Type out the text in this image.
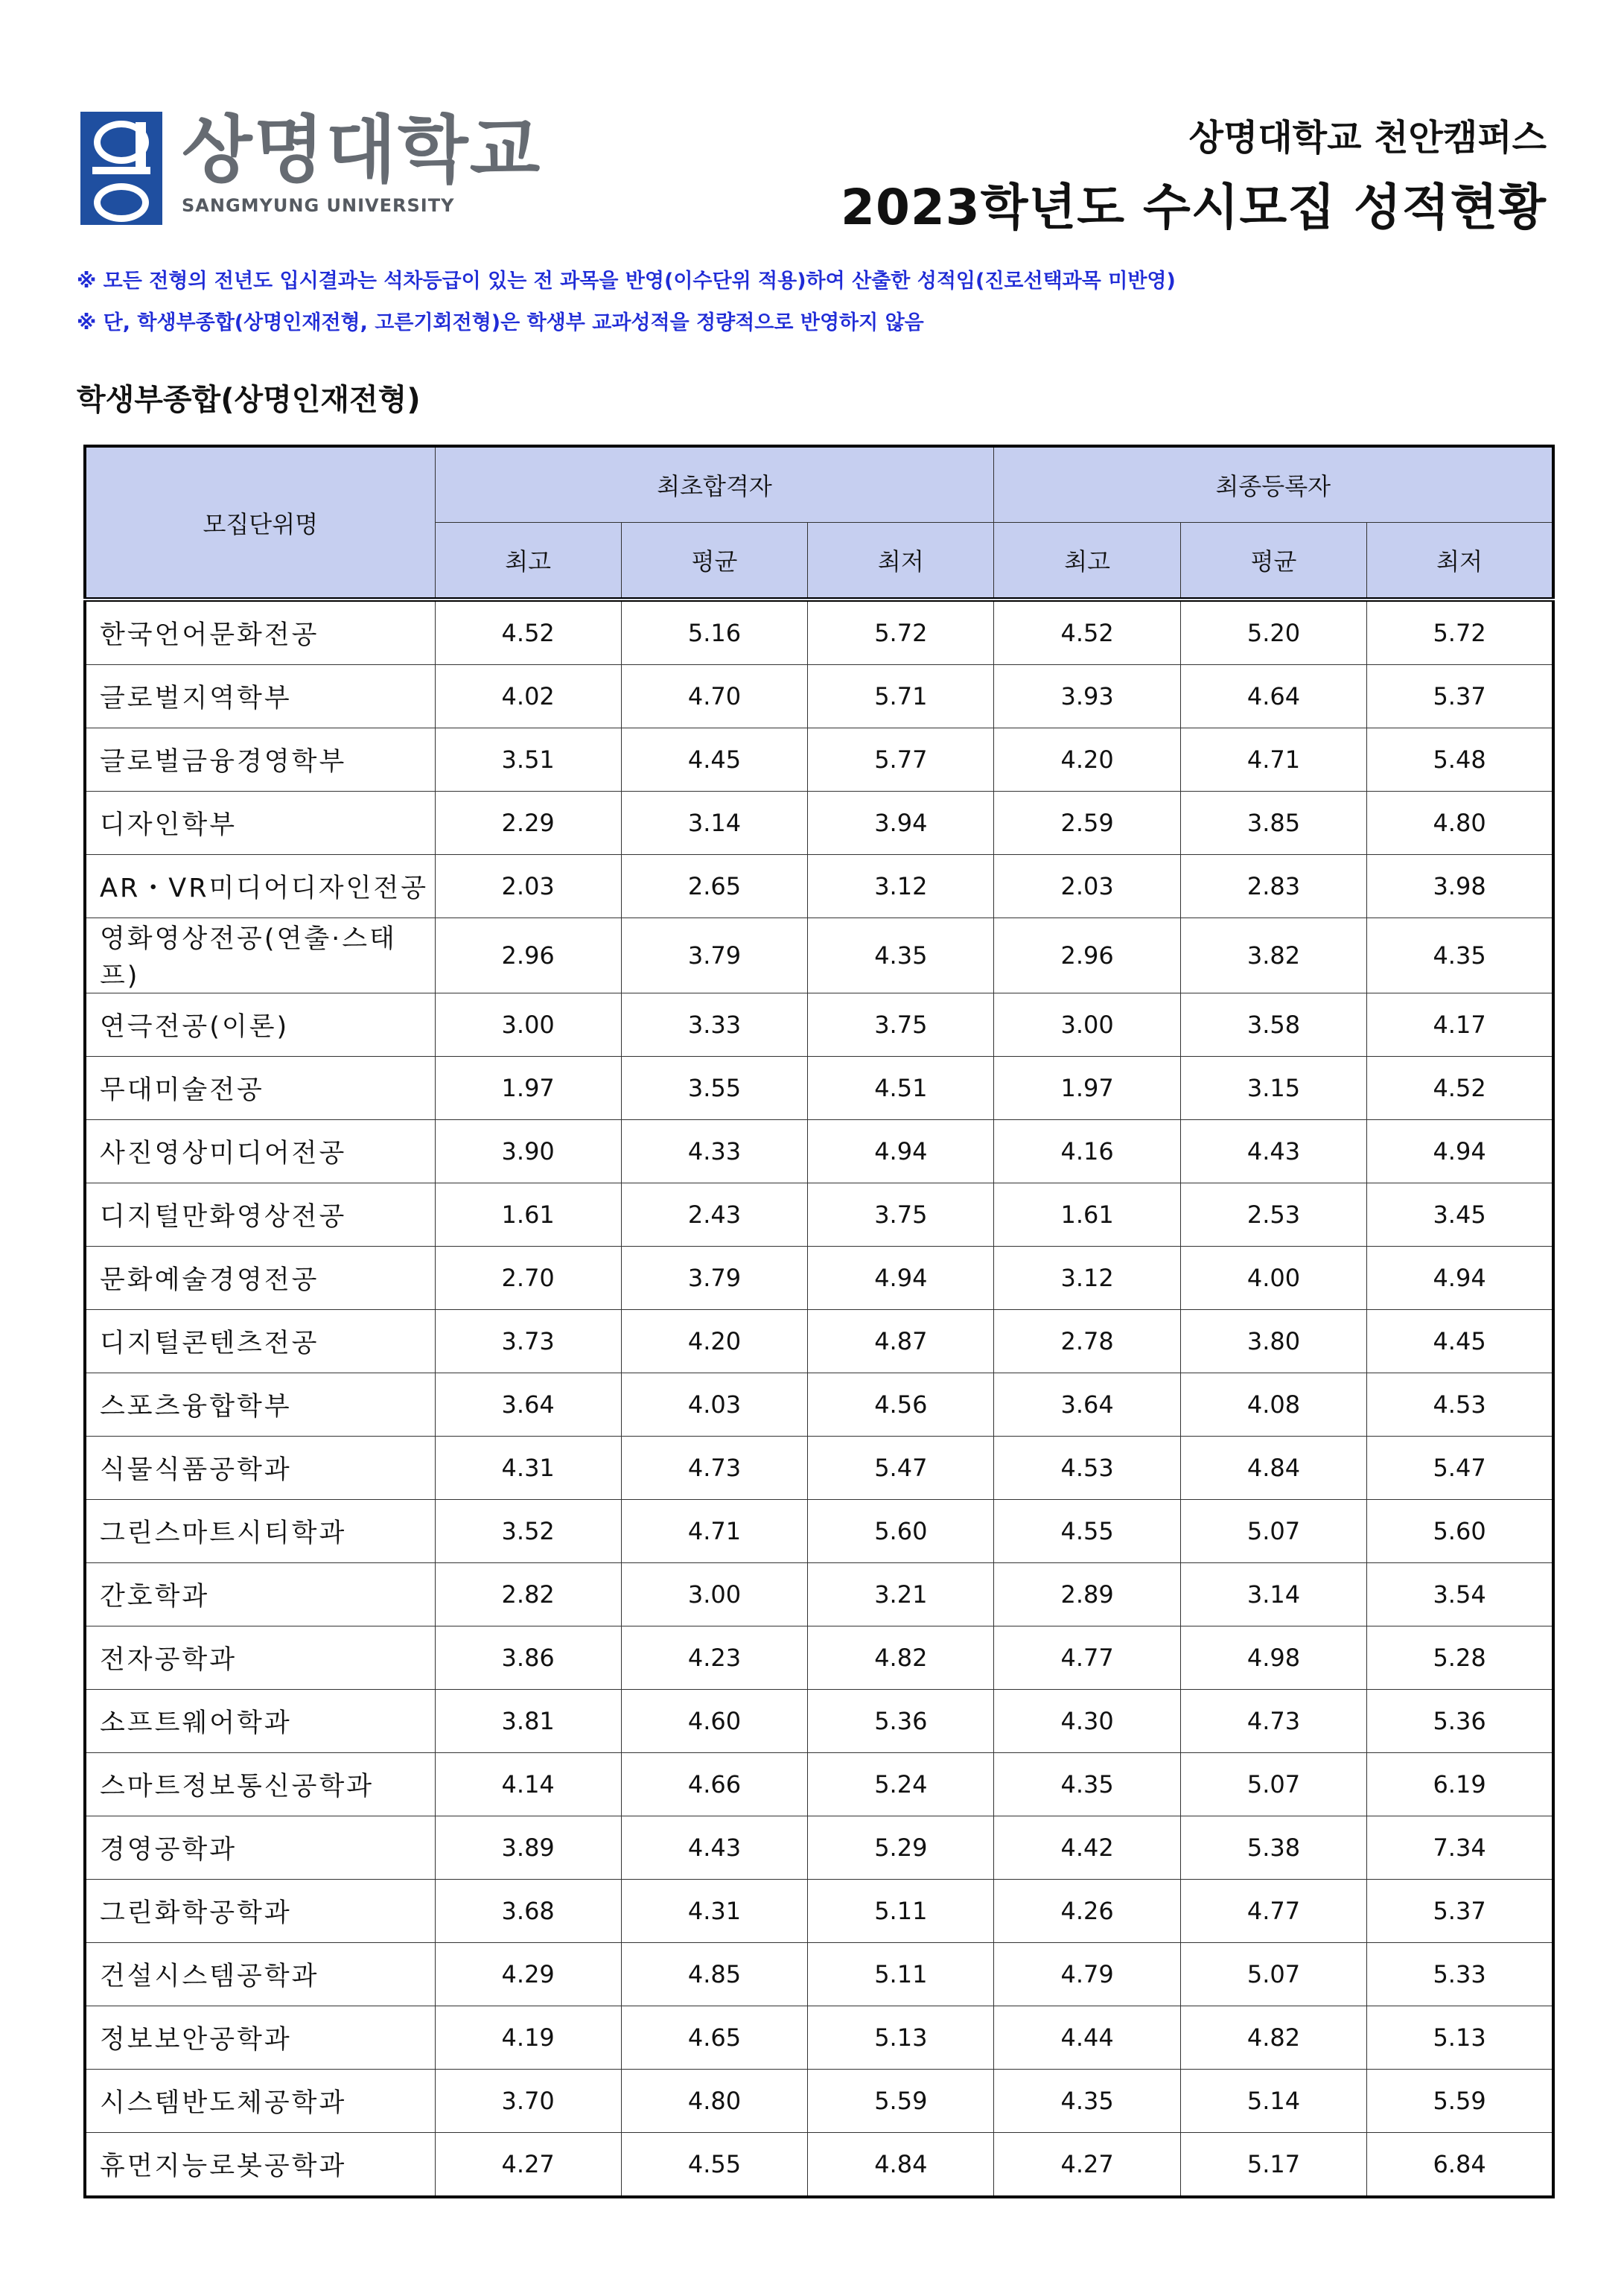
상명대학교
SANGMYUNG UNIVERSITY
상명대학교 천안캠퍼스
2023학년도 수시모집 성적현황
※ 모든 전형의 전년도 입시결과는 석차등급이 있는 전 과목을 반영(이수단위 적용)하여 산출한 성적임(진로선택과목 미반영)
※ 단, 학생부종합(상명인재전형, 고른기회전형)은 학생부 교과성적을 정량적으로 반영하지 않음
학생부종합(상명인재전형)
모집단위명	최초합격자			최종등록자		
	최고	평균	최저	최고	평균	최저
한국언어문화전공	4.52	5.16	5.72	4.52	5.20	5.72
글로벌지역학부	4.02	4.70	5.71	3.93	4.64	5.37
글로벌금융경영학부	3.51	4.45	5.77	4.20	4.71	5.48
디자인학부	2.29	3.14	3.94	2.59	3.85	4.80
AR・VR미디어디자인전공	2.03	2.65	3.12	2.03	2.83	3.98
영화영상전공(연출·스태프)	2.96	3.79	4.35	2.96	3.82	4.35
연극전공(이론)	3.00	3.33	3.75	3.00	3.58	4.17
무대미술전공	1.97	3.55	4.51	1.97	3.15	4.52
사진영상미디어전공	3.90	4.33	4.94	4.16	4.43	4.94
디지털만화영상전공	1.61	2.43	3.75	1.61	2.53	3.45
문화예술경영전공	2.70	3.79	4.94	3.12	4.00	4.94
디지털콘텐츠전공	3.73	4.20	4.87	2.78	3.80	4.45
스포츠융합학부	3.64	4.03	4.56	3.64	4.08	4.53
식물식품공학과	4.31	4.73	5.47	4.53	4.84	5.47
그린스마트시티학과	3.52	4.71	5.60	4.55	5.07	5.60
간호학과	2.82	3.00	3.21	2.89	3.14	3.54
전자공학과	3.86	4.23	4.82	4.77	4.98	5.28
소프트웨어학과	3.81	4.60	5.36	4.30	4.73	5.36
스마트정보통신공학과	4.14	4.66	5.24	4.35	5.07	6.19
경영공학과	3.89	4.43	5.29	4.42	5.38	7.34
그린화학공학과	3.68	4.31	5.11	4.26	4.77	5.37
건설시스템공학과	4.29	4.85	5.11	4.79	5.07	5.33
정보보안공학과	4.19	4.65	5.13	4.44	4.82	5.13
시스템반도체공학과	3.70	4.80	5.59	4.35	5.14	5.59
휴먼지능로봇공학과	4.27	4.55	4.84	4.27	5.17	6.84
